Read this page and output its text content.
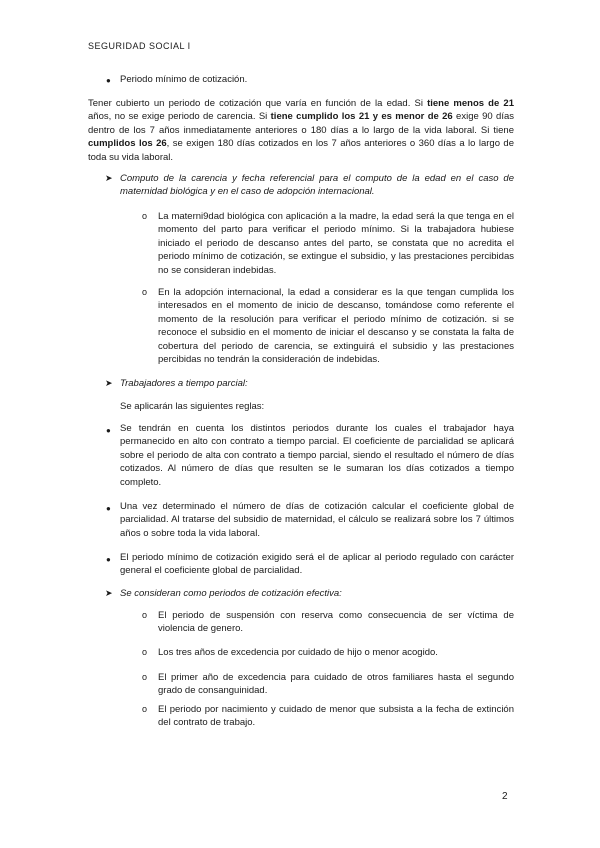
SEGURIDAD SOCIAL I
● Periodo mínimo de cotización.
Tener cubierto un periodo de cotización que varía en función de la edad. Si tiene menos de 21 años, no se exige periodo de carencia. Si tiene cumplido los 21 y es menor de 26 exige 90 días dentro de los 7 años inmediatamente anteriores o 180 días a lo largo de la vida laboral. Si tiene cumplidos los 26, se exigen 180 días cotizados en los 7 años anteriores o 360 días a lo largo de toda su vida laboral.
➤ Computo de la carencia y fecha referencial para el computo de la edad en el caso de maternidad biológica y en el caso de adopción internacional.
o La materni9dad biológica con aplicación a la madre, la edad será la que tenga en el momento del parto para verificar el periodo mínimo. Si la trabajadora hubiese iniciado el periodo de descanso antes del parto, se constata que no acredita el periodo mínimo de cotización, se extingue el subsidio, y las prestaciones percibidas no se consideran indebidas.
o En la adopción internacional, la edad a considerar es la que tengan cumplida los interesados en el momento de inicio de descanso, tomándose como referente el momento de la resolución para verificar el periodo mínimo de cotización. si se reconoce el subsidio en el momento de iniciar el descanso y se constata la falta de cobertura del periodo de carencia, se extinguirá el subsidio y las prestaciones percibidas no tendrán la consideración de indebidas.
➤ Trabajadores a tiempo parcial:
Se aplicarán las siguientes reglas:
● Se tendrán en cuenta los distintos periodos durante los cuales el trabajador haya permanecido en alto con contrato a tiempo parcial. El coeficiente de parcialidad se aplicará sobre el periodo de alta con contrato a tiempo parcial, siendo el resultado el número de días cotizados. Al número de días que resulten se le sumaran los días cotizados a tiempo completo.
● Una vez determinado el número de días de cotización calcular el coeficiente global de parcialidad. Al tratarse del subsidio de maternidad, el cálculo se realizará sobre los 7 últimos años o sobre toda la vida laboral.
● El periodo mínimo de cotización exigido será el de aplicar al periodo regulado con carácter general el coeficiente global de parcialidad.
➤ Se consideran como periodos de cotización efectiva:
o El periodo de suspensión con reserva como consecuencia de ser víctima de violencia de genero.
o Los tres años de excedencia por cuidado de hijo o menor acogido.
o El primer año de excedencia para cuidado de otros familiares hasta el segundo grado de consanguinidad.
o El periodo por nacimiento y cuidado de menor que subsista a la fecha de extinción del contrato de trabajo.
2
